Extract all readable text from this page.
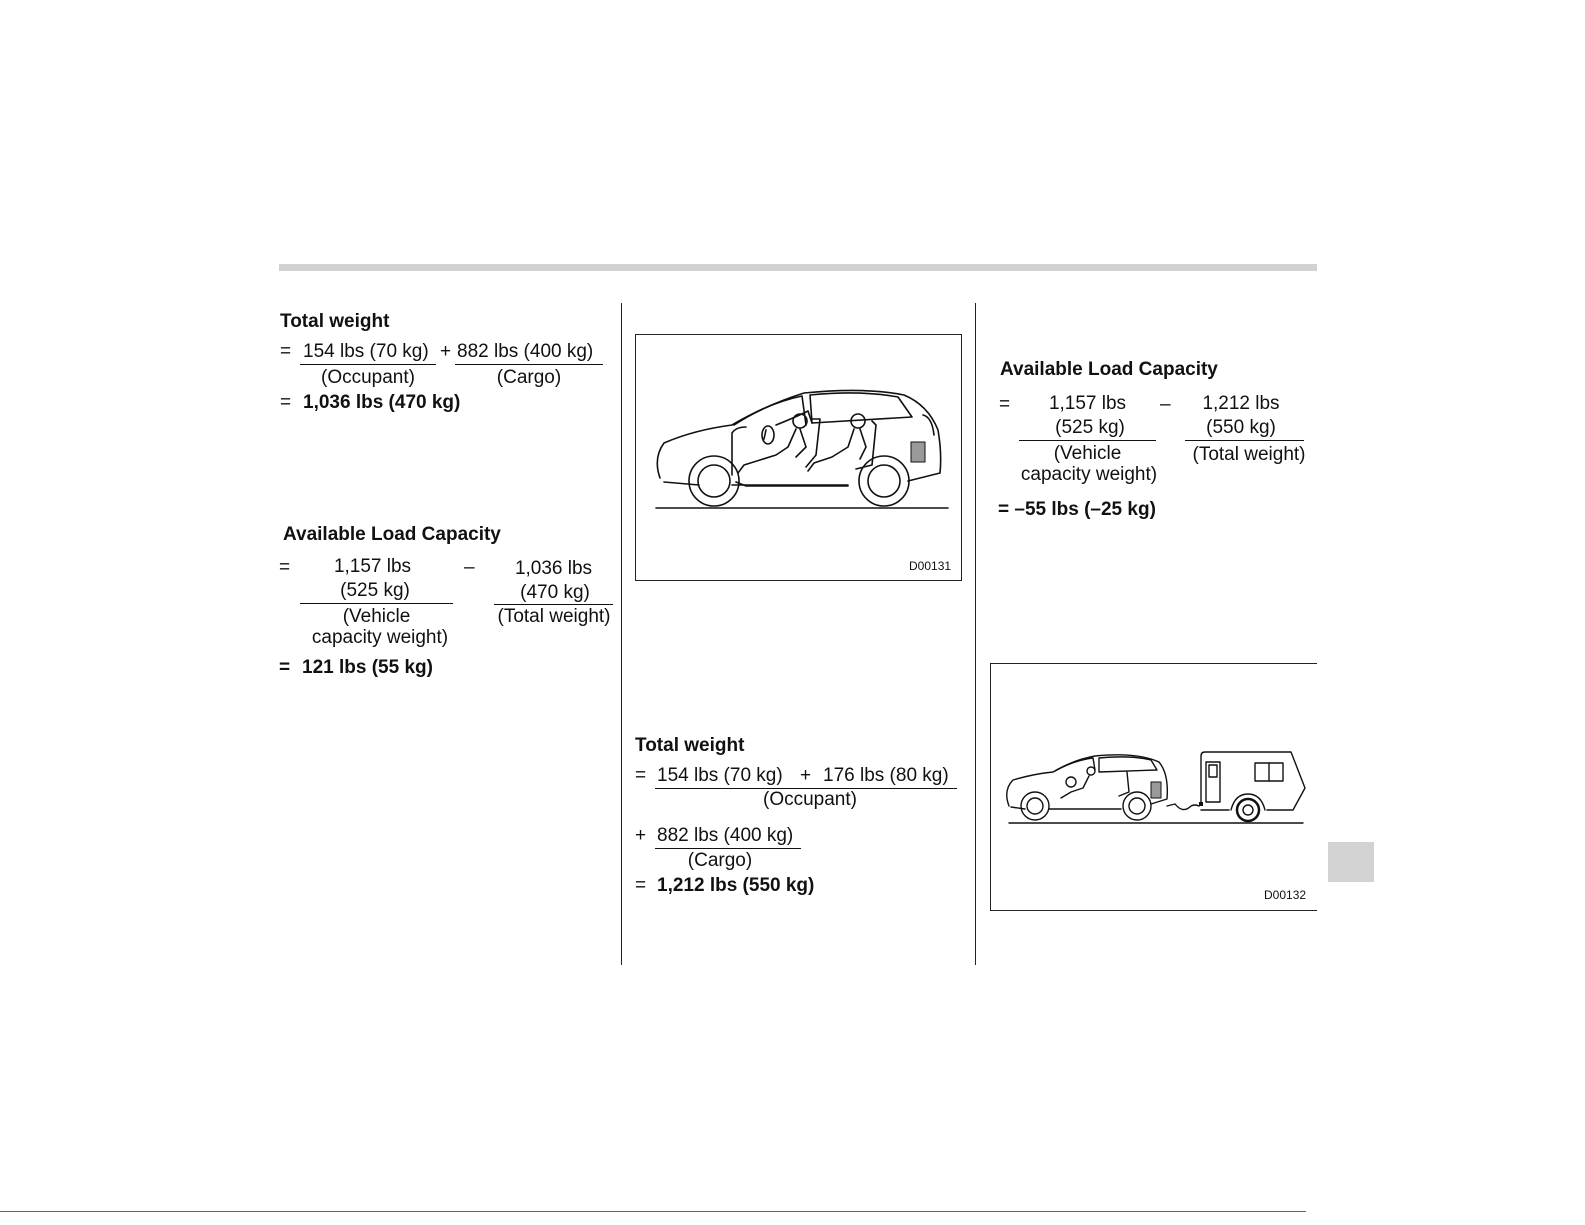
Total weight
= 154 lbs (70 kg) + 882 lbs (400 kg)
(Occupant)	(Cargo)
= 1,036 lbs (470 kg)
Available Load Capacity
=	1,157 lbs
(525 kg)
(Vehicle
capacity weight)
–	1,036 lbs
(470 kg)
(Total weight)
= 121 lbs (55 kg)
D00131
Total weight
= 154 lbs (70 kg) + 176 lbs (80 kg)
(Occupant)
+ 882 lbs (400 kg)
(Cargo)
= 1,212 lbs (550 kg)
Available Load Capacity
=	1,157 lbs
(525 kg)
(Vehicle
capacity weight)
–	1,212 lbs
(550 kg)
(Total weight)
= –55 lbs (–25 kg)
D00132
